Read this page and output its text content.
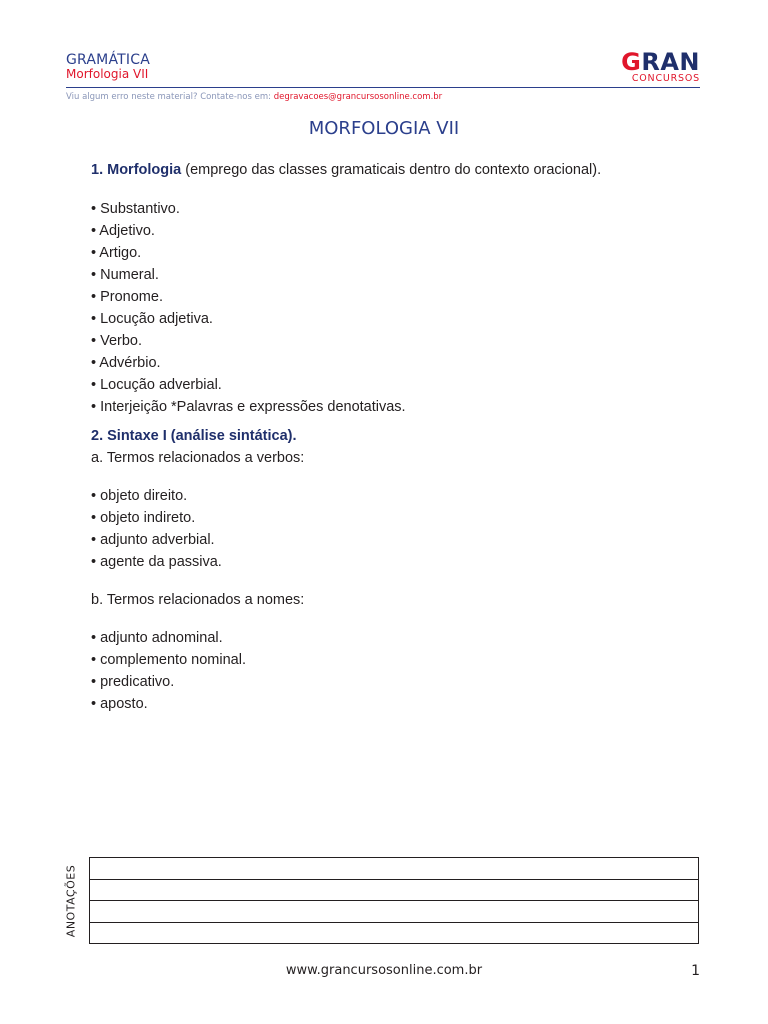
GRAMÁTICA
Morfologia VII	GRAN
CONCURSOS
Viu algum erro neste material? Contate-nos em: degravacoes@grancursosonline.com.br
MORFOLOGIA VII

1. Morfologia (emprego das classes gramaticais dentro do contexto oracional).

• Substantivo.
• Adjetivo.
• Artigo.
• Numeral.
• Pronome.
• Locução adjetiva.
• Verbo.
• Advérbio.
• Locução adverbial.
• Interjeição *Palavras e expressões denotativas.

2. Sintaxe I (análise sintática).

a. Termos relacionados a verbos:

• objeto direito.
• objeto indireto.
• adjunto adverbial.
• agente da passiva.

b. Termos relacionados a nomes:

• adjunto adnominal.
• complemento nominal.
• predicativo.
• aposto.
ANOTAÇÕES
www.grancursosonline.com.br	1
